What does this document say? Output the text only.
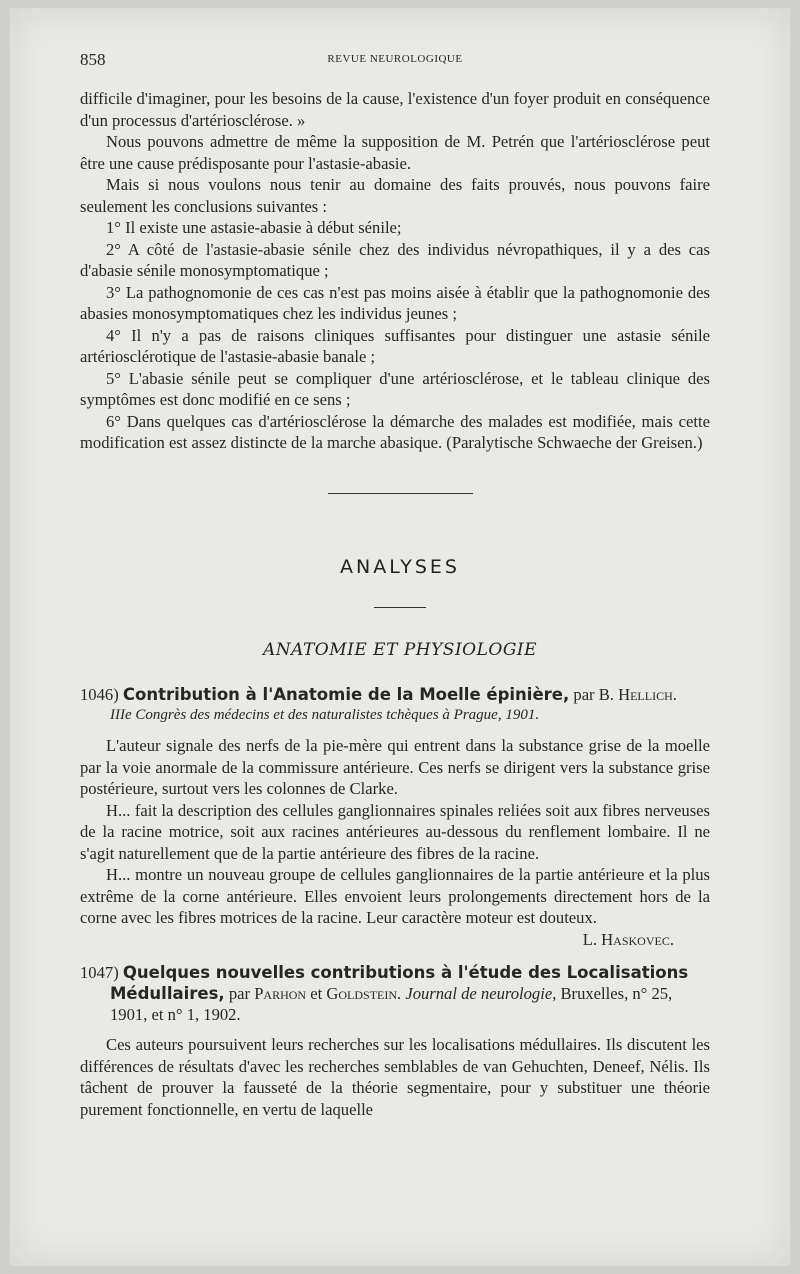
858	REVUE NEUROLOGIQUE

difficile d'imaginer, pour les besoins de la cause, l'existence d'un foyer produit en conséquence d'un processus d'artériosclérose. »

Nous pouvons admettre de même la supposition de M. Petrén que l'artériosclérose peut être une cause prédisposante pour l'astasie-abasie.

Mais si nous voulons nous tenir au domaine des faits prouvés, nous pouvons faire seulement les conclusions suivantes :

1° Il existe une astasie-abasie à début sénile;

2° A côté de l'astasie-abasie sénile chez des individus névropathiques, il y a des cas d'abasie sénile monosymptomatique ;

3° La pathognomonie de ces cas n'est pas moins aisée à établir que la pathognomonie des abasies monosymptomatiques chez les individus jeunes ;

4° Il n'y a pas de raisons cliniques suffisantes pour distinguer une astasie sénile artériosclérotique de l'astasie-abasie banale ;

5° L'abasie sénile peut se compliquer d'une artériosclérose, et le tableau clinique des symptômes est donc modifié en ce sens ;

6° Dans quelques cas d'artériosclérose la démarche des malades est modifiée, mais cette modification est assez distincte de la marche abasique. (Paralytische Schwaeche der Greisen.)

ANALYSES
ANATOMIE ET PHYSIOLOGIE

1046) Contribution à l'Anatomie de la Moelle épinière, par B. Hellich.
IIIe Congrès des médecins et des naturalistes tchèques à Prague, 1901.

L'auteur signale des nerfs de la pie-mère qui entrent dans la substance grise de la moelle par la voie anormale de la commissure antérieure. Ces nerfs se dirigent vers la substance grise postérieure, surtout vers les colonnes de Clarke.

H... fait la description des cellules ganglionnaires spinales reliées soit aux fibres nerveuses de la racine motrice, soit aux racines antérieures au-dessous du renflement lombaire. Il ne s'agit naturellement que de la partie antérieure des fibres de la racine.

H... montre un nouveau groupe de cellules ganglionnaires de la partie antérieure et la plus extrême de la corne antérieure. Elles envoient leurs prolongements directement hors de la corne avec les fibres motrices de la racine. Leur caractère moteur est douteux.
L. Haskovec.

1047) Quelques nouvelles contributions à l'étude des Localisations Médullaires, par Parhon et Goldstein. Journal de neurologie, Bruxelles, n° 25, 1901, et n° 1, 1902.

Ces auteurs poursuivent leurs recherches sur les localisations médullaires. Ils discutent les différences de résultats d'avec les recherches semblables de van Gehuchten, Deneef, Nélis. Ils tâchent de prouver la fausseté de la théorie segmentaire, pour y substituer une théorie purement fonctionnelle, en vertu de laquelle
